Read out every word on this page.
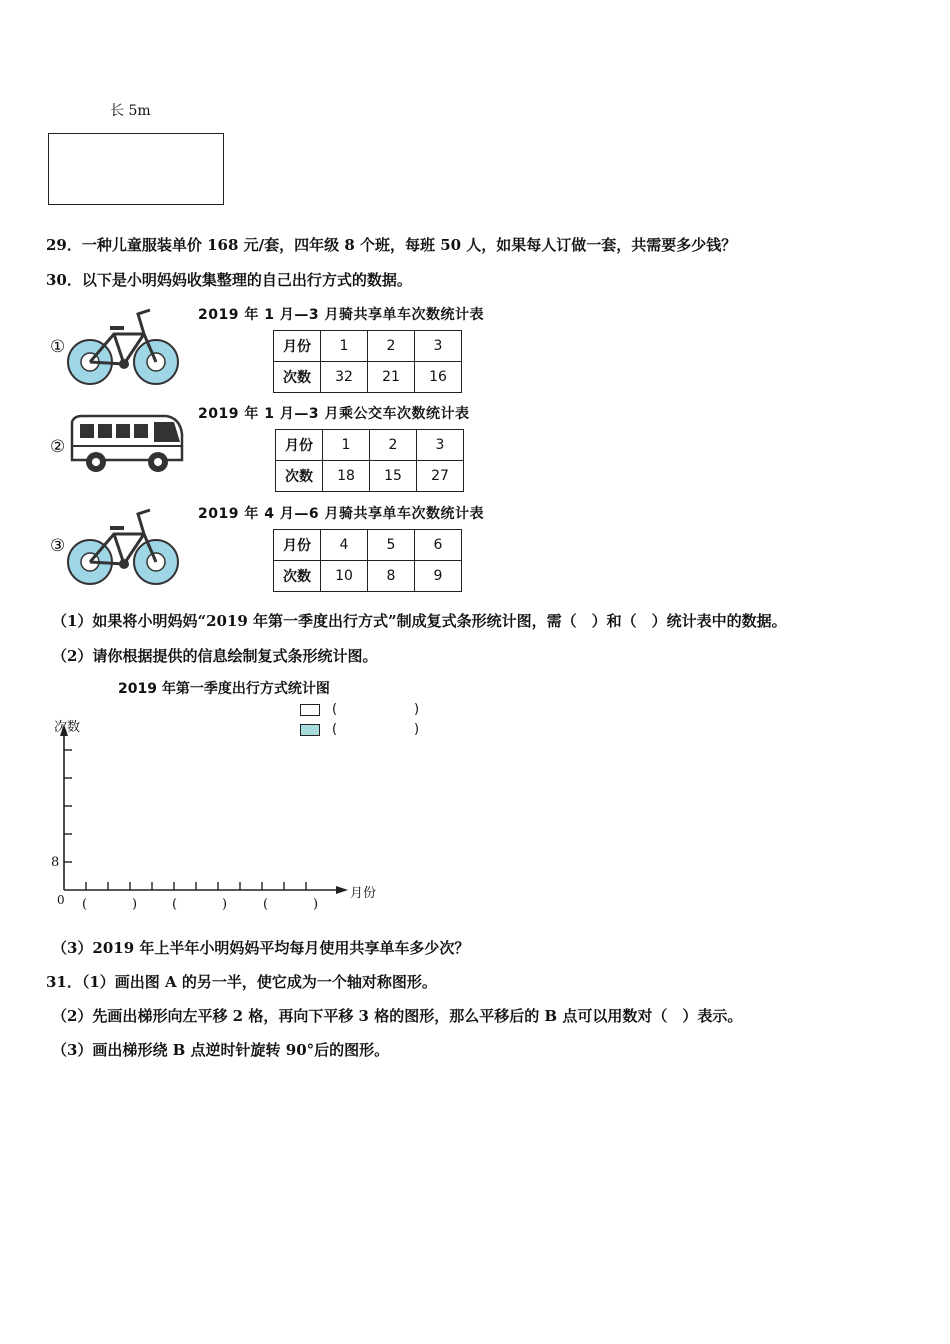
长 5m
29．一种儿童服装单价 168 元/套，四年级 8 个班，每班 50 人，如果每人订做一套，共需要多少钱？
30．以下是小明妈妈收集整理的自己出行方式的数据。
①
2019 年 1 月—3 月骑共享单车次数统计表
月份	1	2	3
次数	32	21	16
②
2019 年 1 月—3 月乘公交车次数统计表
月份	1	2	3
次数	18	15	27
③
2019 年 4 月—6 月骑共享单车次数统计表
月份	4	5	6
次数	10	8	9
（1）如果将小明妈妈“2019 年第一季度出行方式”制成复式条形统计图，需（　）和（　）统计表中的数据。
（2）请你根据提供的信息绘制复式条形统计图。
2019 年第一季度出行方式统计图
(	)
(	)
次数
月份
8
0 (	)	(	)	(	)
（3）2019 年上半年小明妈妈平均每月使用共享单车多少次？
31．（1）画出图 A 的另一半，使它成为一个轴对称图形。
（2）先画出梯形向左平移 2 格，再向下平移 3 格的图形，那么平移后的 B 点可以用数对（　）表示。
（3）画出梯形绕 B 点逆时针旋转 90°后的图形。
